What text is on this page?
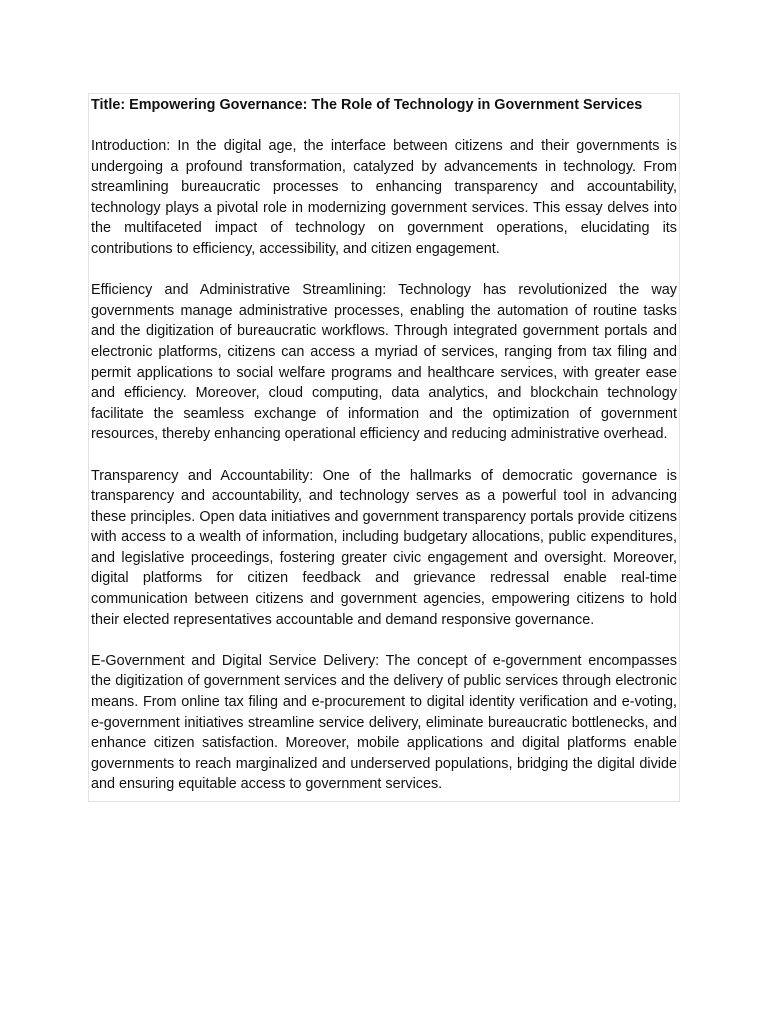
Title: Empowering Governance: The Role of Technology in Government Services

Introduction: In the digital age, the interface between citizens and their governments is undergoing a profound transformation, catalyzed by advancements in technology. From streamlining bureaucratic processes to enhancing transparency and accountability, technology plays a pivotal role in modernizing government services. This essay delves into the multifaceted impact of technology on government operations, elucidating its contributions to efficiency, accessibility, and citizen engagement.

Efficiency and Administrative Streamlining: Technology has revolutionized the way governments manage administrative processes, enabling the automation of routine tasks and the digitization of bureaucratic workflows. Through integrated government portals and electronic platforms, citizens can access a myriad of services, ranging from tax filing and permit applications to social welfare programs and healthcare services, with greater ease and efficiency. Moreover, cloud computing, data analytics, and blockchain technology facilitate the seamless exchange of information and the optimization of government resources, thereby enhancing operational efficiency and reducing administrative overhead.

Transparency and Accountability: One of the hallmarks of democratic governance is transparency and accountability, and technology serves as a powerful tool in advancing these principles. Open data initiatives and government transparency portals provide citizens with access to a wealth of information, including budgetary allocations, public expenditures, and legislative proceedings, fostering greater civic engagement and oversight. Moreover, digital platforms for citizen feedback and grievance redressal enable real-time communication between citizens and government agencies, empowering citizens to hold their elected representatives accountable and demand responsive governance.

E-Government and Digital Service Delivery: The concept of e-government encompasses the digitization of government services and the delivery of public services through electronic means. From online tax filing and e-procurement to digital identity verification and e-voting, e-government initiatives streamline service delivery, eliminate bureaucratic bottlenecks, and enhance citizen satisfaction. Moreover, mobile applications and digital platforms enable governments to reach marginalized and underserved populations, bridging the digital divide and ensuring equitable access to government services.
